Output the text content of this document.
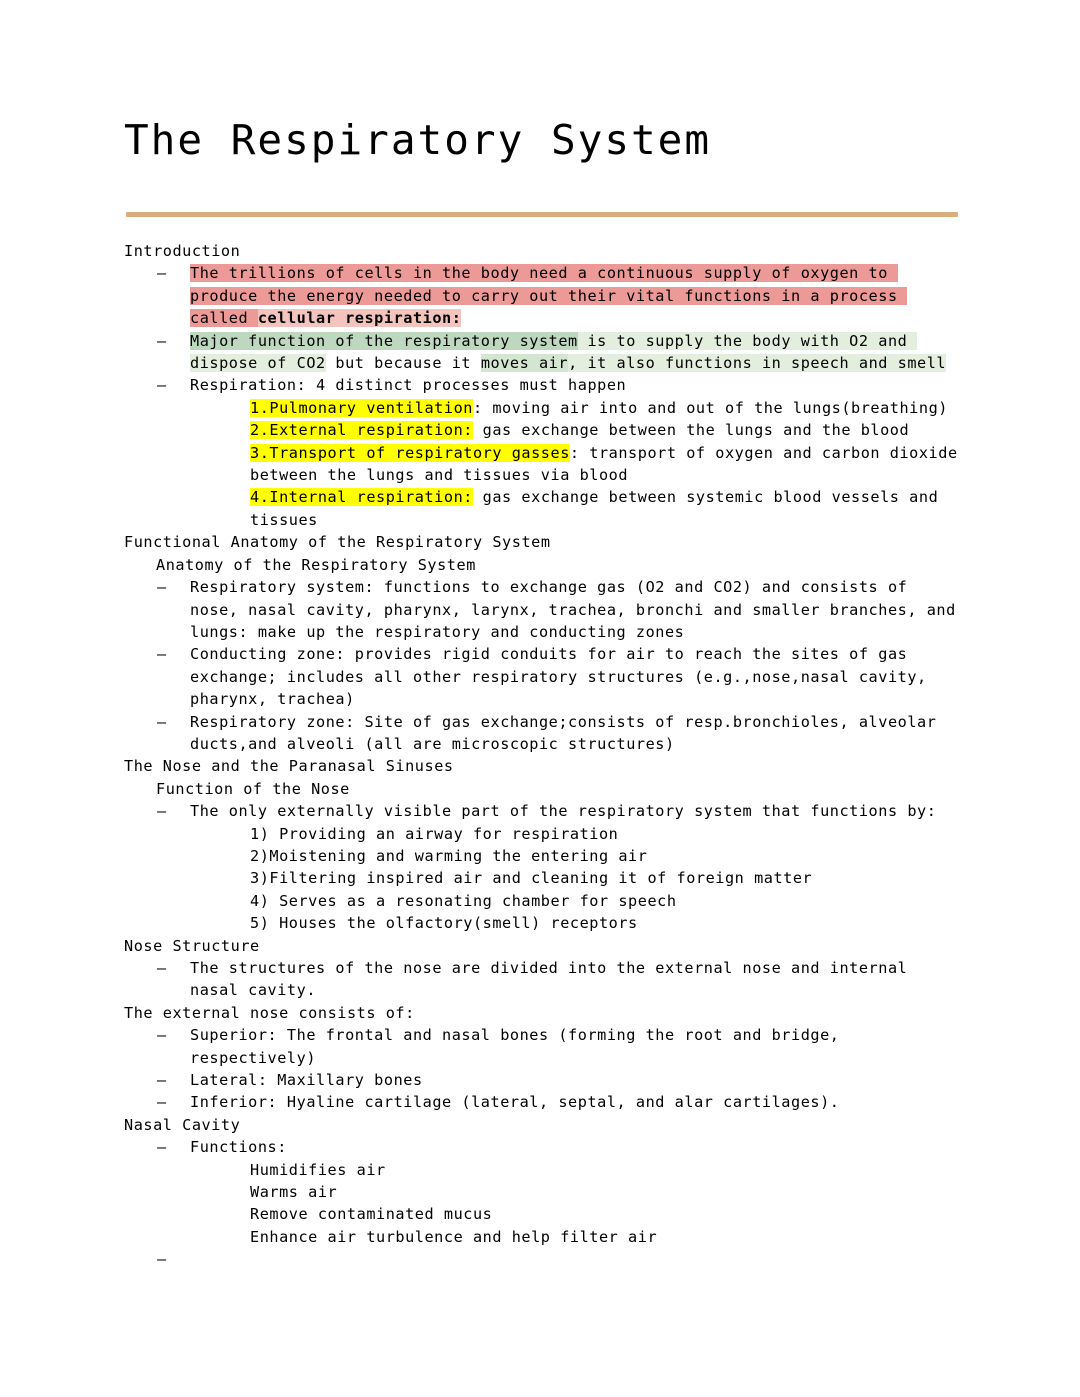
The Respiratory System
Introduction
– The trillions of cells in the body need a continuous supply of oxygen to produce the energy needed to carry out their vital functions in a process called cellular respiration:
– Major function of the respiratory system is to supply the body with O2 and dispose of CO2 but because it moves air, it also functions in speech and smell
– Respiration: 4 distinct processes must happen
1.Pulmonary ventilation: moving air into and out of the lungs(breathing)
2.External respiration: gas exchange between the lungs and the blood
3.Transport of respiratory gasses: transport of oxygen and carbon dioxide between the lungs and tissues via blood
4.Internal respiration: gas exchange between systemic blood vessels and tissues
Functional Anatomy of the Respiratory System
Anatomy of the Respiratory System
– Respiratory system: functions to exchange gas (O2 and CO2) and consists of nose, nasal cavity, pharynx, larynx, trachea, bronchi and smaller branches, and lungs: make up the respiratory and conducting zones
– Conducting zone: provides rigid conduits for air to reach the sites of gas exchange; includes all other respiratory structures (e.g.,nose,nasal cavity, pharynx, trachea)
– Respiratory zone: Site of gas exchange;consists of resp.bronchioles, alveolar ducts,and alveoli (all are microscopic structures)
The Nose and the Paranasal Sinuses
Function of the Nose
– The only externally visible part of the respiratory system that functions by:
1) Providing an airway for respiration
2)Moistening and warming the entering air
3)Filtering inspired air and cleaning it of foreign matter
4) Serves as a resonating chamber for speech
5) Houses the olfactory(smell) receptors
Nose Structure
– The structures of the nose are divided into the external nose and internal nasal cavity.
The external nose consists of:
– Superior: The frontal and nasal bones (forming the root and bridge, respectively)
– Lateral: Maxillary bones
– Inferior: Hyaline cartilage (lateral, septal, and alar cartilages).
Nasal Cavity
– Functions:
Humidifies air
Warms air
Remove contaminated mucus
Enhance air turbulence and help filter air
–
